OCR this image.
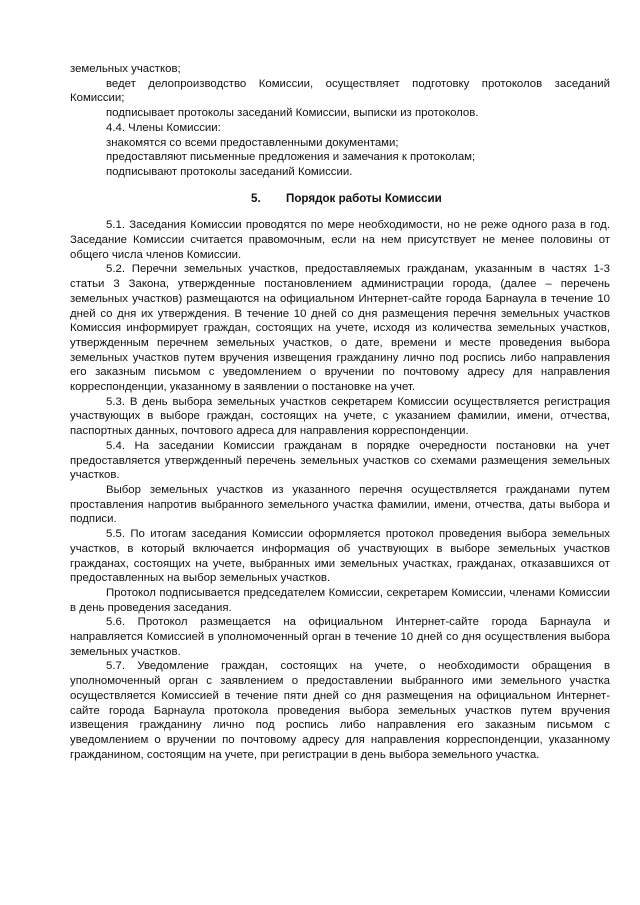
земельных участков;

ведет делопроизводство Комиссии, осуществляет подготовку протоколов заседаний Комиссии;

подписывает протоколы заседаний Комиссии, выписки из протоколов.

4.4. Члены Комиссии:

знакомятся со всеми предоставленными документами;

предоставляют письменные предложения и замечания к протоколам;

подписывают протоколы заседаний Комиссии.

5. Порядок работы Комиссии

5.1. Заседания Комиссии проводятся по мере необходимости, но не реже одного раза в год. Заседание Комиссии считается правомочным, если на нем присутствует не менее половины от общего числа членов Комиссии.

5.2. Перечни земельных участков, предоставляемых гражданам, указанным в частях 1-3 статьи 3 Закона, утвержденные постановлением администрации города, (далее – перечень земельных участков) размещаются на официальном Интернет-сайте города Барнаула в течение 10 дней со дня их утверждения. В течение 10 дней со дня размещения перечня земельных участков Комиссия информирует граждан, состоящих на учете, исходя из количества земельных участков, утвержденным перечнем земельных участков, о дате, времени и месте проведения выбора земельных участков путем вручения извещения гражданину лично под роспись либо направления его заказным письмом с уведомлением о вручении по почтовому адресу для направления корреспонденции, указанному в заявлении о постановке на учет.

5.3. В день выбора земельных участков секретарем Комиссии осуществляется регистрация участвующих в выборе граждан, состоящих на учете, с указанием фамилии, имени, отчества, паспортных данных, почтового адреса для направления корреспонденции.

5.4. На заседании Комиссии гражданам в порядке очередности постановки на учет предоставляется утвержденный перечень земельных участков со схемами размещения земельных участков.

Выбор земельных участков из указанного перечня осуществляется гражданами путем проставления напротив выбранного земельного участка фамилии, имени, отчества, даты выбора и подписи.

5.5. По итогам заседания Комиссии оформляется протокол проведения выбора земельных участков, в который включается информация об участвующих в выборе земельных участков гражданах, состоящих на учете, выбранных ими земельных участках, гражданах, отказавшихся от предоставленных на выбор земельных участков.

Протокол подписывается председателем Комиссии, секретарем Комиссии, членами Комиссии в день проведения заседания.

5.6. Протокол размещается на официальном Интернет-сайте города Барнаула и направляется Комиссией в уполномоченный орган в течение 10 дней со дня осуществления выбора земельных участков.

5.7. Уведомление граждан, состоящих на учете, о необходимости обращения в уполномоченный орган с заявлением о предоставлении выбранного ими земельного участка осуществляется Комиссией в течение пяти дней со дня размещения на официальном Интернет-сайте города Барнаула протокола проведения выбора земельных участков путем вручения извещения гражданину лично под роспись либо направления его заказным письмом с уведомлением о вручении по почтовому адресу для направления корреспонденции, указанному гражданином, состоящим на учете, при регистрации в день выбора земельного участка.
